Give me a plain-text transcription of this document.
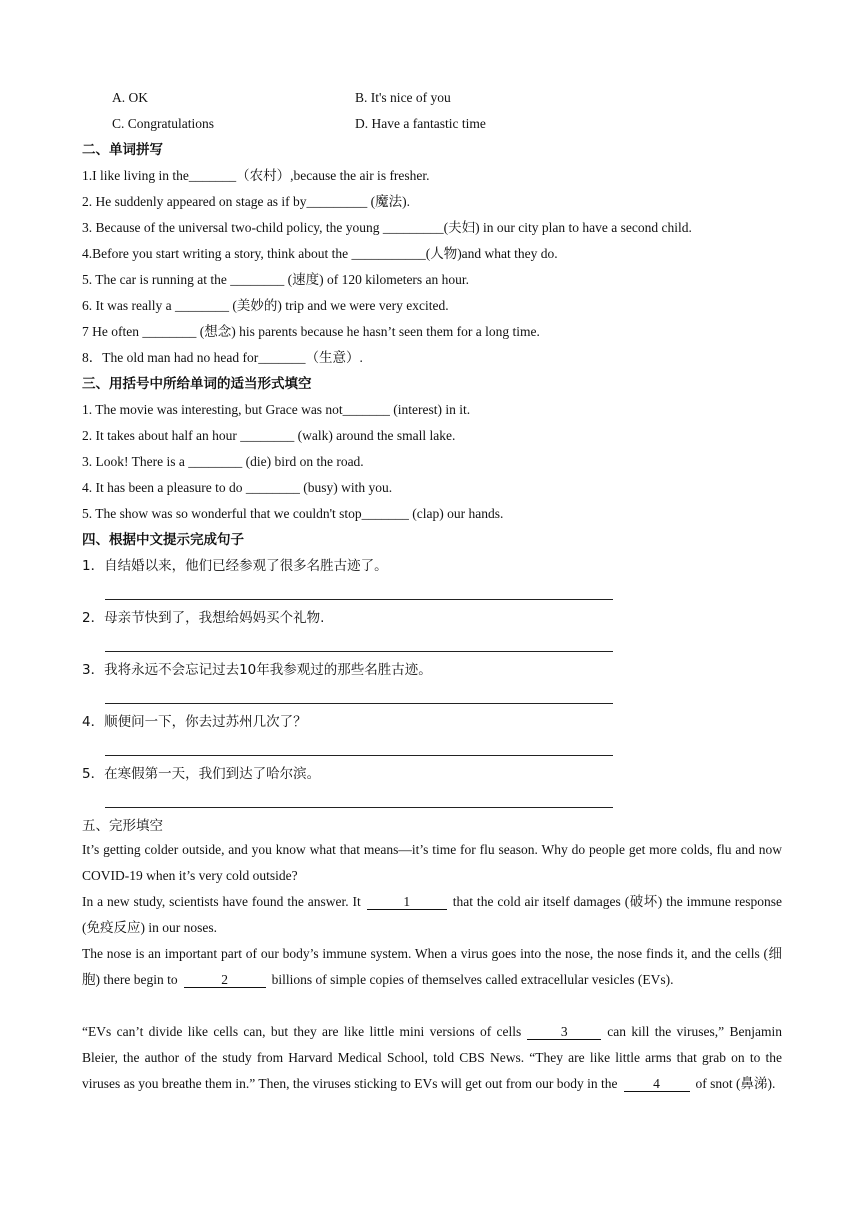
A. OK	B. It's nice of you
C. Congratulations	D. Have a fantastic time
二、单词拼写
1.I like living in the_______（农村）,because the air is fresher.
2. He suddenly appeared on stage as if by_________ (魔法).
3. Because of the universal two-child policy, the young _________(夫妇) in our city plan to have a second child.
4.Before you start writing a story, think about the ___________(人物)and what they do.
5. The car is running at the ________ (速度) of 120 kilometers an hour.
6. It was really a ________ (美妙的) trip and we were very excited.
7 He often ________ (想念) his parents because he hasn’t seen them for a long time.
8．The old man had no head for_______（生意）.
三、用括号中所给单词的适当形式填空
1. The movie was interesting, but Grace was not_______ (interest) in it.
2. It takes about half an hour ________ (walk) around the small lake.
3. Look! There is a ________ (die) bird on the road.
4. It has been a pleasure to do ________ (busy) with you.
5. The show was so wonderful that we couldn't stop_______ (clap) our hands.
四、根据中文提示完成句子
1．自结婚以来，他们已经参观了很多名胜古迹了。
2．母亲节快到了，我想给妈妈买个礼物.
3．我将永远不会忘记过去10年我参观过的那些名胜古迹。
4．顺便问一下，你去过苏州几次了？
5．在寒假第一天，我们到达了哈尔滨。
五、完形填空
It’s getting colder outside, and you know what that means—it’s time for flu season. Why do people get more colds, flu and now COVID-19 when it’s very cold outside?
In a new study, scientists have found the answer. It	1	that the cold air itself damages (破坏) the immune response (免疫反应) in our noses.
The nose is an important part of our body’s immune system. When a virus goes into the nose, the nose finds it, and the cells (细胞) there begin to	2	billions of simple copies of themselves called extracellular vesicles (EVs).
“EVs can’t divide like cells can, but they are like little mini versions of cells	3	can kill the viruses,” Benjamin Bleier, the author of the study from Harvard Medical School, told CBS News. “They are like little arms that grab on to the viruses as you breathe them in.” Then, the viruses sticking to EVs will get out from our body in the	4	of snot (鼻涕).
